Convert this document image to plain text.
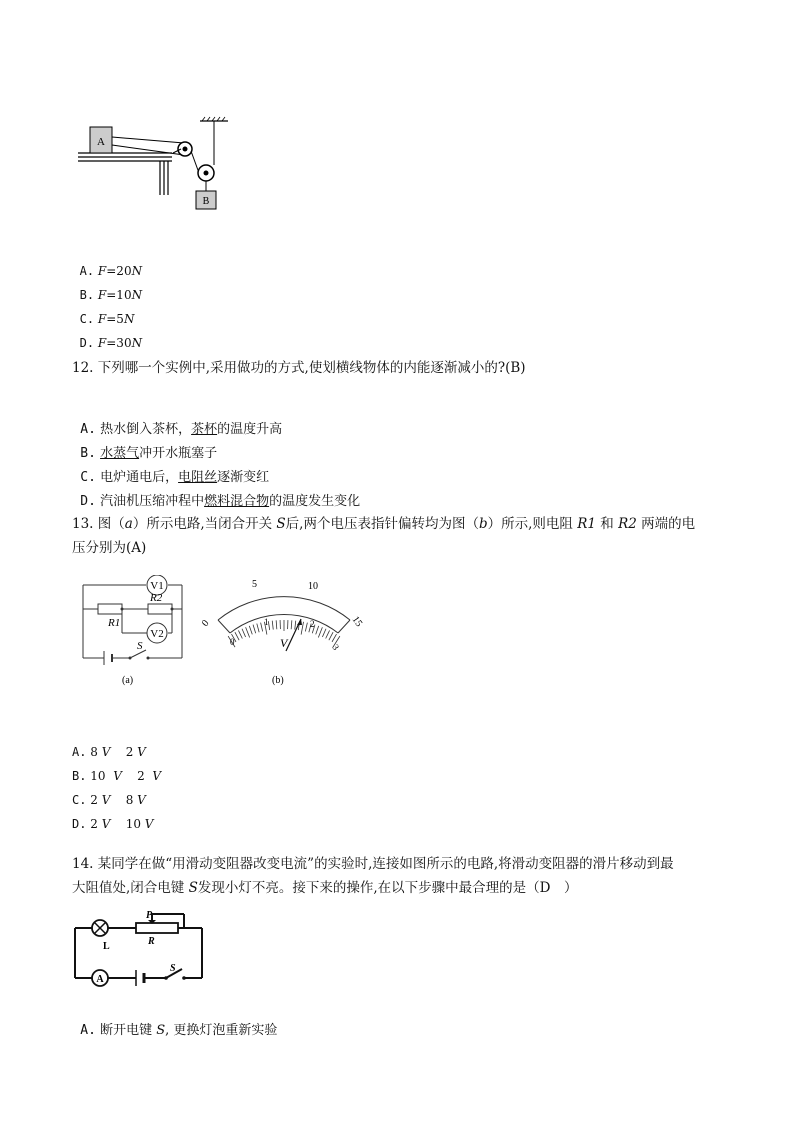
A
B

A. F=20N

B. F=10N

C. F=5N

D. F=30N

12. 下列哪一个实例中,采用做功的方式,使划横线物体的内能逐渐减小的?(B)

A. 热水倒入茶杯，茶杯的温度升高

B. 水蒸气冲开水瓶塞子

C. 电炉通电后，电阻丝逐渐变红

D. 汽油机压缩冲程中燃料混合物的温度发生变化

13. 图（a）所示电路,当闭合开关 S后,两个电压表指针偏转均为图（b）所示,则电阻 R1 和 R2 两端的电
压分别为(A)
V1
V2
R1
R2
S
(a)
0
5	10
15
0
1	2
3
V
(b)
A. 8 V 2 V
B. 10 V 2 V
C. 2 V 8 V
D. 2 V 10 V
14. 某同学在做“用滑动变阻器改变电流”的实验时,连接如图所示的电路,将滑动变阻器的滑片移动到最
大阻值处,闭合电键 S发现小灯不亮。接下来的操作,在以下步骤中最合理的是（D　）
A
P
R
L
S

A. 断开电键 S, 更换灯泡重新实验
